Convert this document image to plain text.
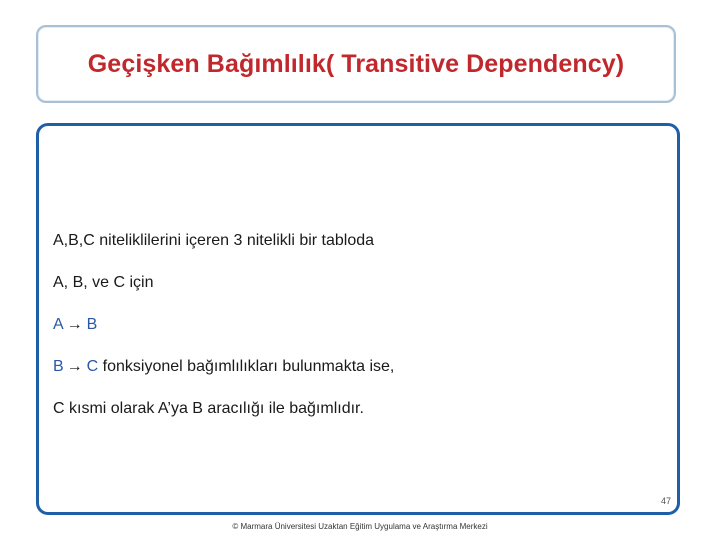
Geçişken Bağımlılık( Transitive Dependency)
A,B,C niteliklilerini içeren 3 nitelikli bir tabloda
A, B, ve C için
A → B
B → C fonksiyonel bağımlılıkları bulunmakta ise,
C kısmi olarak A’ya B aracılığı ile bağımlıdır.
47
© Marmara Üniversitesi Uzaktan Eğitim Uygulama ve Araştırma Merkezi
